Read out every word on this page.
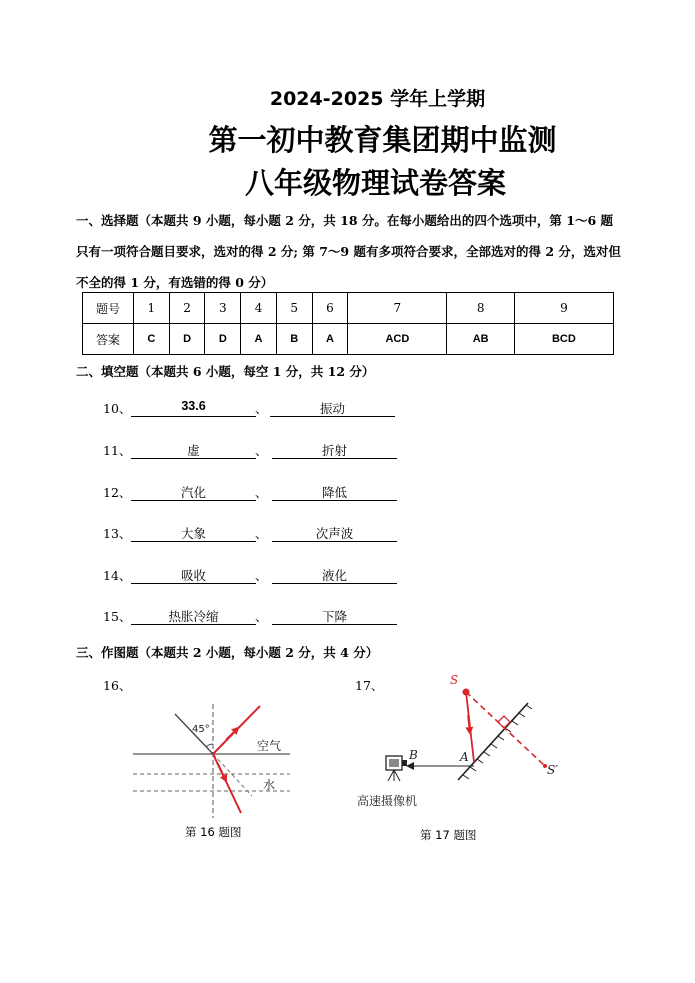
2024-2025 学年上学期
第一初中教育集团期中监测
八年级物理试卷答案
一、选择题（本题共 9 小题，每小题 2 分，共 18 分。在每小题给出的四个选项中，第 1～6 题只有一项符合题目要求，选对的得 2 分; 第 7～9 题有多项符合要求，全部选对的得 2 分，选对但不全的得 1 分，有选错的得 0 分）
题号	1	2	3	4	5	6	7	8	9
答案	C	D	D	A	B	A	ACD	AB	BCD
二、填空题（本题共 6 小题，每空 1 分，共 12 分）
10、	33.6	、	振动
11、	虚	、	折射
12、	汽化	、	降低
13、	大象	、	次声波
14、	吸收	、	液化
15、	热胀冷缩	、	下降
三、作图题（本题共 2 小题，每小题 2 分，共 4 分）
16、	17、
45°
空气
水
第 16 题图
S
S′
A
B
高速摄像机
第 17 题图
